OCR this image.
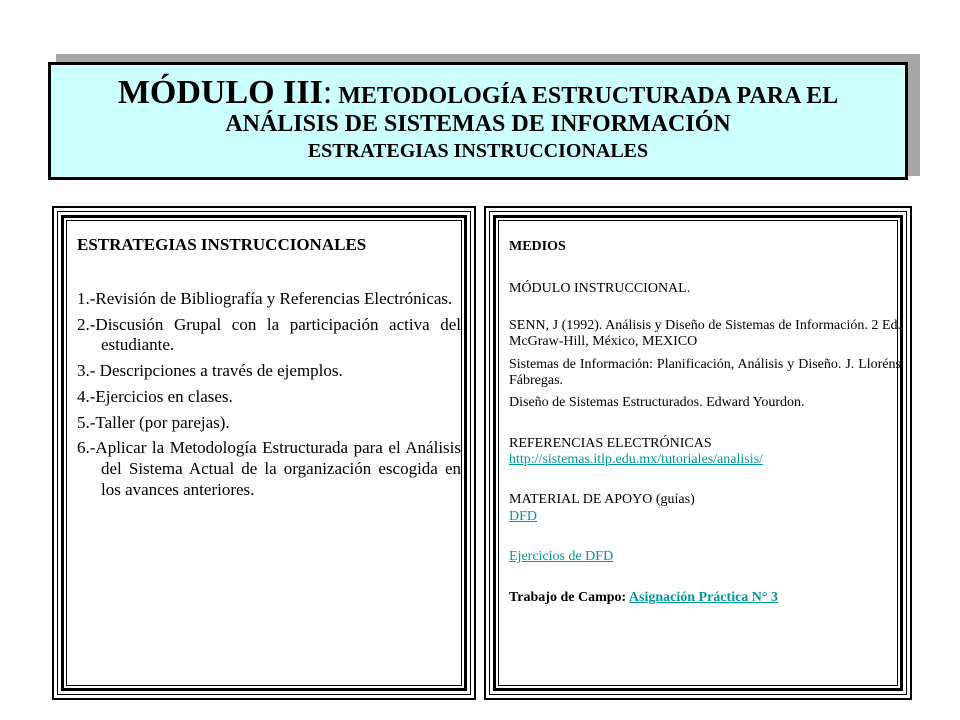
MÓDULO III: METODOLOGÍA ESTRUCTURADA PARA EL
ANÁLISIS DE SISTEMAS DE INFORMACIÓN
ESTRATEGIAS INSTRUCCIONALES
ESTRATEGIAS INSTRUCCIONALES

1.-Revisión de Bibliografía y Referencias Electrónicas.

2.-Discusión Grupal con la participación activa del estudiante.

3.- Descripciones a través de ejemplos.

4.-Ejercicios en clases.

5.-Taller (por parejas).

6.-Aplicar la Metodología Estructurada para el Análisis del Sistema Actual de la organización escogida en los avances anteriores.

MEDIOS

MÓDULO INSTRUCCIONAL.

SENN, J (1992). Análisis y Diseño de Sistemas de Información. 2 Ed. McGraw-Hill, México, MEXICO

Sistemas de Información: Planificación, Análisis y Diseño. J. Lloréns Fábregas.

Diseño de Sistemas Estructurados. Edward Yourdon.

REFERENCIAS ELECTRÓNICAS

http://sistemas.itlp.edu.mx/tutoriales/analisis/

MATERIAL DE APOYO (guías)

DFD

Ejercicios de DFD

Trabajo de Campo: Asignación Práctica N° 3
